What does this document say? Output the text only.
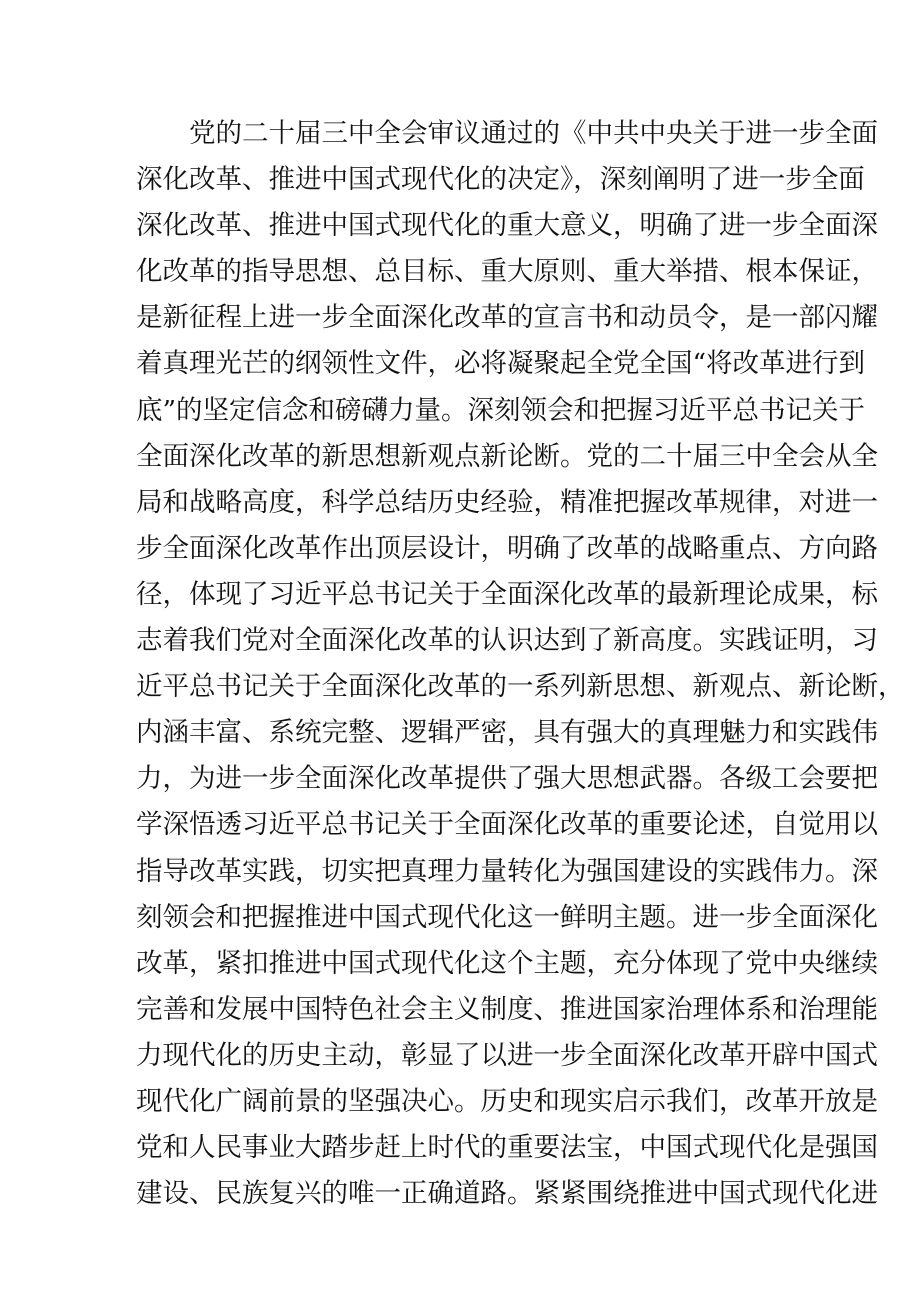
党的二十届三中全会审议通过的《中共中央关于进一步全面
深化改革、推进中国式现代化的决定》，深刻阐明了进一步全面
深化改革、推进中国式现代化的重大意义，明确了进一步全面深
化改革的指导思想、总目标、重大原则、重大举措、根本保证，
是新征程上进一步全面深化改革的宣言书和动员令，是一部闪耀
着真理光芒的纲领性文件，必将凝聚起全党全国“将改革进行到
底”的坚定信念和磅礴力量。深刻领会和把握习近平总书记关于
全面深化改革的新思想新观点新论断。党的二十届三中全会从全
局和战略高度，科学总结历史经验，精准把握改革规律，对进一
步全面深化改革作出顶层设计，明确了改革的战略重点、方向路
径，体现了习近平总书记关于全面深化改革的最新理论成果，标
志着我们党对全面深化改革的认识达到了新高度。实践证明，习
近平总书记关于全面深化改革的一系列新思想、新观点、新论断，
内涵丰富、系统完整、逻辑严密，具有强大的真理魅力和实践伟
力，为进一步全面深化改革提供了强大思想武器。各级工会要把
学深悟透习近平总书记关于全面深化改革的重要论述，自觉用以
指导改革实践，切实把真理力量转化为强国建设的实践伟力。深
刻领会和把握推进中国式现代化这一鲜明主题。进一步全面深化
改革，紧扣推进中国式现代化这个主题，充分体现了党中央继续
完善和发展中国特色社会主义制度、推进国家治理体系和治理能
力现代化的历史主动，彰显了以进一步全面深化改革开辟中国式
现代化广阔前景的坚强决心。历史和现实启示我们，改革开放是
党和人民事业大踏步赶上时代的重要法宝，中国式现代化是强国
建设、民族复兴的唯一正确道路。紧紧围绕推进中国式现代化进
